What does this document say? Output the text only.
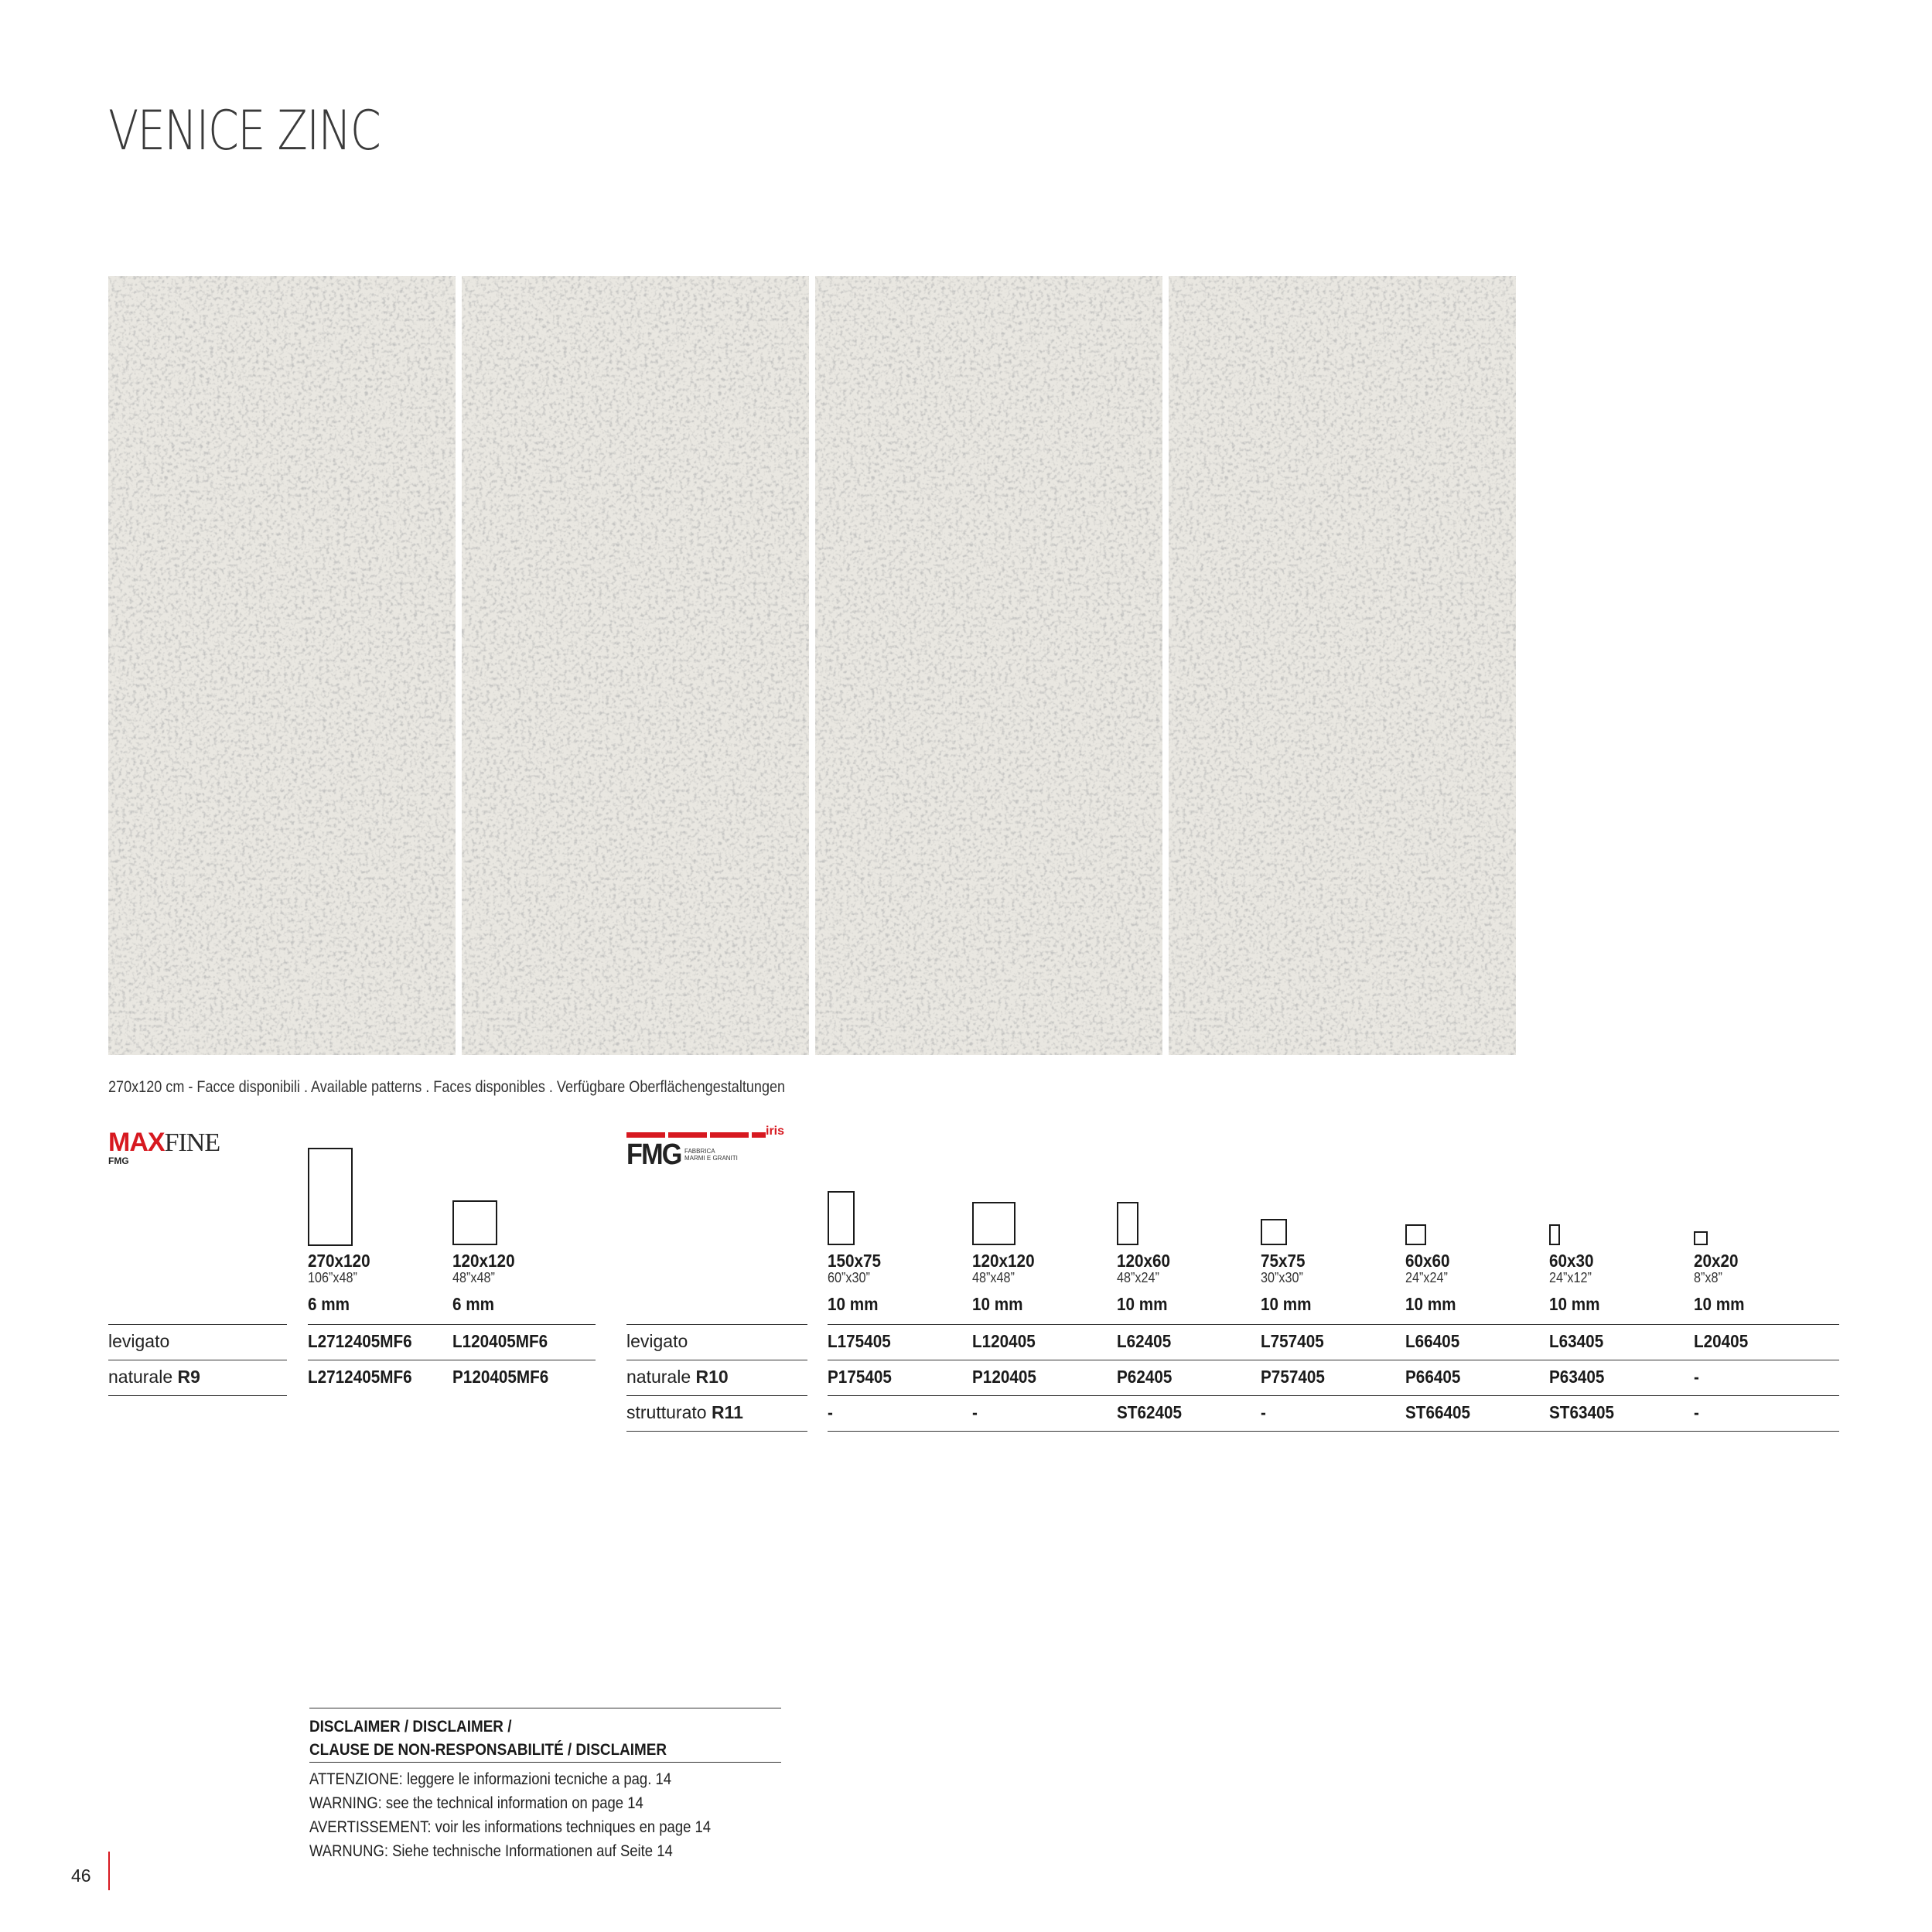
VENICE ZINC
270x120 cm - Facce disponibili . Available patterns . Faces disponibles . Verfügbare Oberflächengestaltungen
MAXFINE
FMG
iris
FMG FABBRICA
MARMI E GRANITI
270x120
106”x48”
6 mm
120x120
48”x48”
6 mm
levigato	L2712405MF6 L120405MF6
naturale R9	L2712405MF6 P120405MF6
150x75
60”x30”
10 mm
120x120
48”x48”
10 mm
120x60
48”x24”
10 mm
75x75
30”x30”
10 mm
60x60
24”x24”
10 mm
60x30
24”x12”
10 mm
20x20
8”x8”
10 mm
levigato	L175405	L120405	L62405	L757405	L66405	L63405	L20405
naturale R10	P175405	P120405	P62405	P757405	P66405	P63405	-
strutturato R11	-	-	ST62405	-	ST66405	ST63405	-
DISCLAIMER / DISCLAIMER /
CLAUSE DE NON-RESPONSABILITÉ / DISCLAIMER
ATTENZIONE: leggere le informazioni tecniche a pag. 14
WARNING: see the technical information on page 14
AVERTISSEMENT: voir les informations techniques en page 14
WARNUNG: Siehe technische Informationen auf Seite 14
46
